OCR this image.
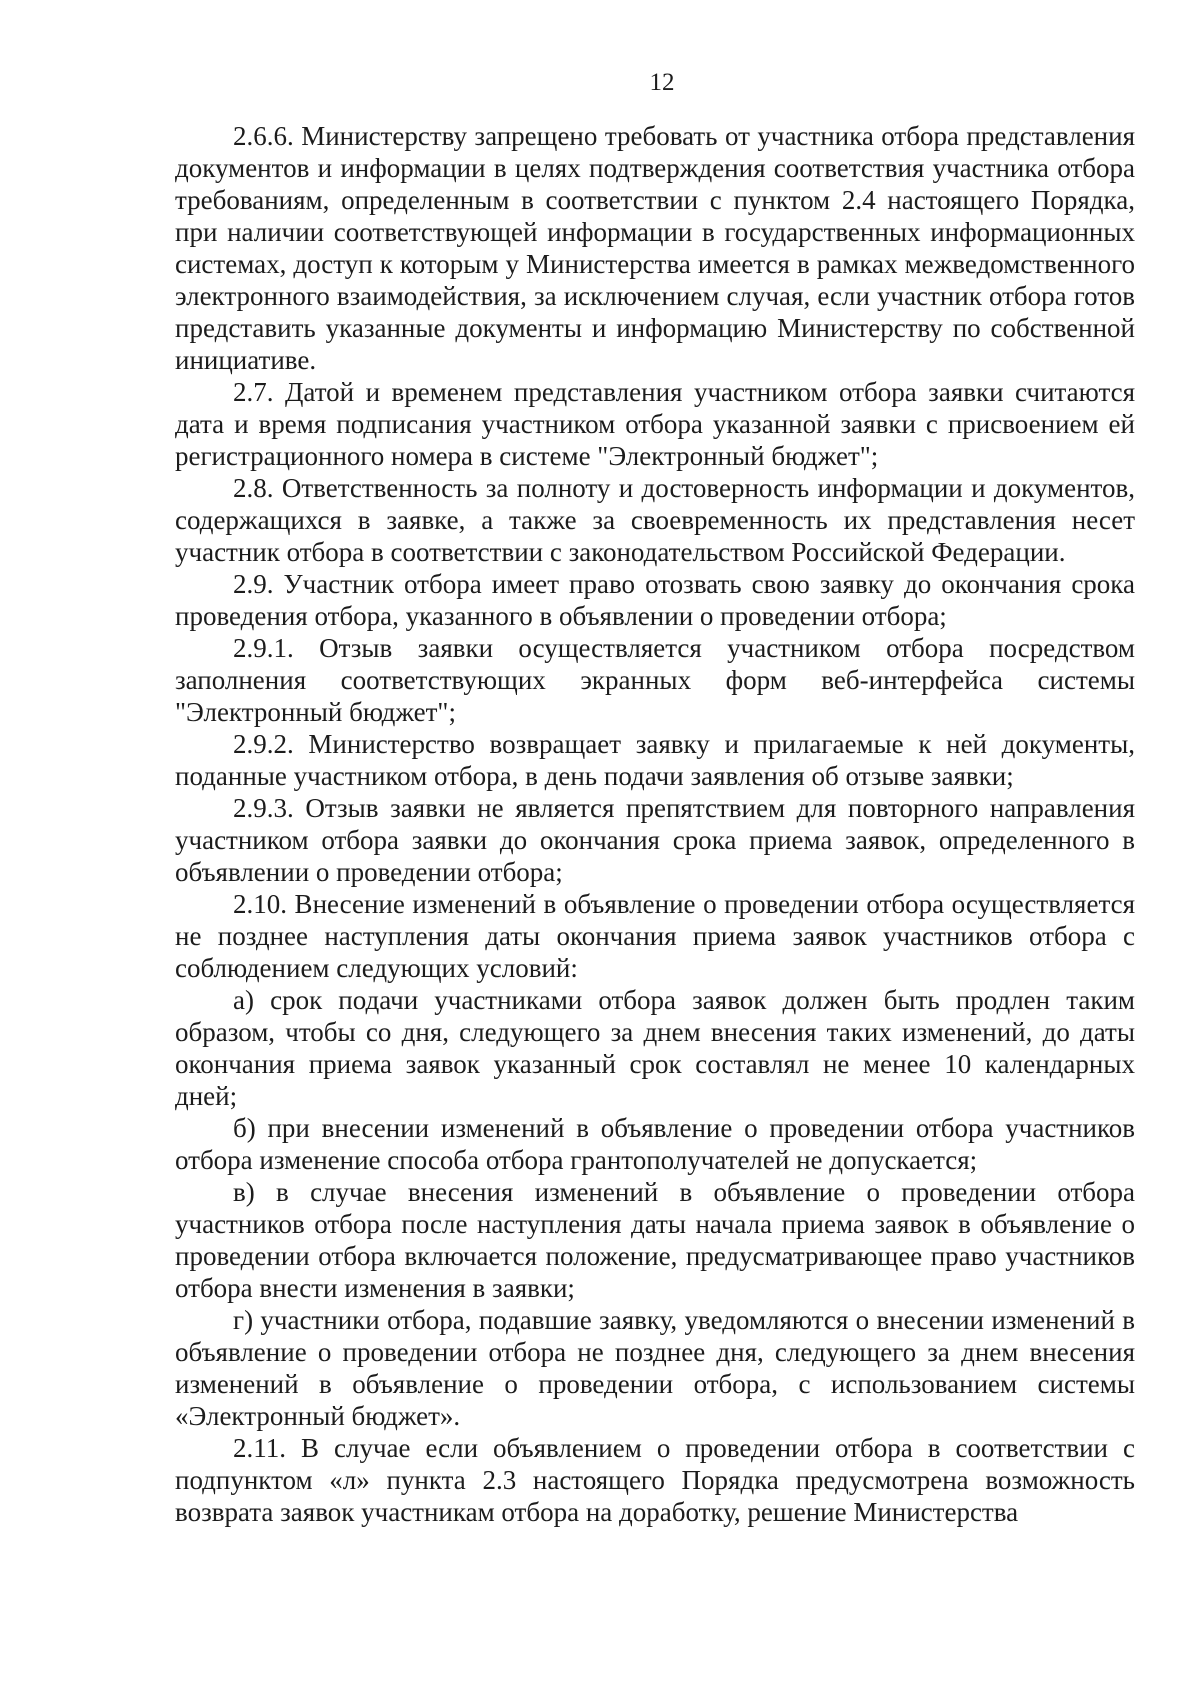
12

2.6.6. Министерству запрещено требовать от участника отбора представления документов и информации в целях подтверждения соответствия участника отбора требованиям, определенным в соответствии с пунктом 2.4 настоящего Порядка, при наличии соответствующей информации в государственных информационных системах, доступ к которым у Министерства имеется в рамках межведомственного электронного взаимодействия, за исключением случая, если участник отбора готов представить указанные документы и информацию Министерству по собственной инициативе.

2.7. Датой и временем представления участником отбора заявки считаются дата и время подписания участником отбора указанной заявки с присвоением ей регистрационного номера в системе "Электронный бюджет";

2.8. Ответственность за полноту и достоверность информации и документов, содержащихся в заявке, а также за своевременность их представления несет участник отбора в соответствии с законодательством Российской Федерации.

2.9. Участник отбора имеет право отозвать свою заявку до окончания срока проведения отбора, указанного в объявлении о проведении отбора;

2.9.1. Отзыв заявки осуществляется участником отбора посредством заполнения соответствующих экранных форм веб-интерфейса системы "Электронный бюджет";

2.9.2. Министерство возвращает заявку и прилагаемые к ней документы, поданные участником отбора, в день подачи заявления об отзыве заявки;

2.9.3. Отзыв заявки не является препятствием для повторного направления участником отбора заявки до окончания срока приема заявок, определенного в объявлении о проведении отбора;

2.10. Внесение изменений в объявление о проведении отбора осуществляется не позднее наступления даты окончания приема заявок участников отбора с соблюдением следующих условий:

а) срок подачи участниками отбора заявок должен быть продлен таким образом, чтобы со дня, следующего за днем внесения таких изменений, до даты окончания приема заявок указанный срок составлял не менее 10 календарных дней;

б) при внесении изменений в объявление о проведении отбора участников отбора изменение способа отбора грантополучателей не допускается;

в) в случае внесения изменений в объявление о проведении отбора участников отбора после наступления даты начала приема заявок в объявление о проведении отбора включается положение, предусматривающее право участников отбора внести изменения в заявки;

г) участники отбора, подавшие заявку, уведомляются о внесении изменений в объявление о проведении отбора не позднее дня, следующего за днем внесения изменений в объявление о проведении отбора, с использованием системы «Электронный бюджет».

2.11. В случае если объявлением о проведении отбора в соответствии с подпунктом «л» пункта 2.3 настоящего Порядка предусмотрена возможность возврата заявок участникам отбора на доработку, решение Министерства
